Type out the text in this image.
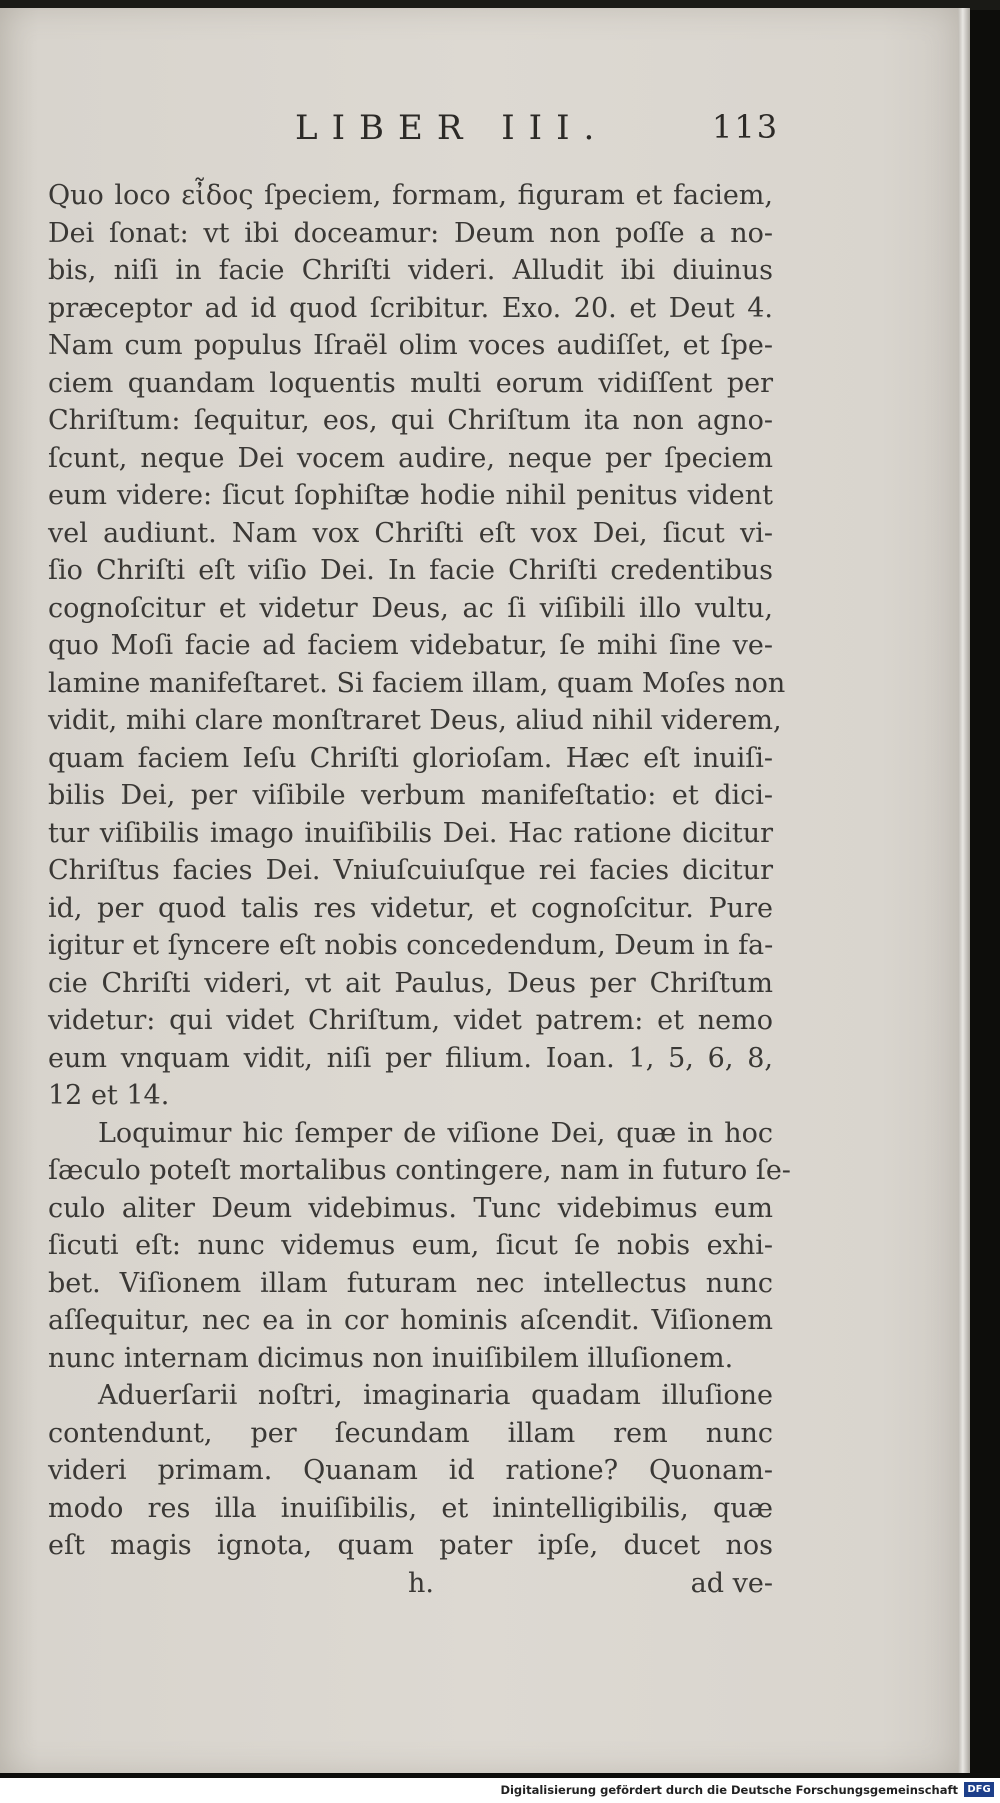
LIBER III.	113
Quo loco εἶδος ſpeciem, formam, figuram et faciem,
Dei ſonat: vt ibi doceamur: Deum non poſſe a no-
bis, niſi in facie Chriſti videri. Alludit ibi diuinus
præceptor ad id quod ſcribitur. Exo. 20. et Deut 4.
Nam cum populus Iſraël olim voces audiſſet, et ſpe-
ciem quandam loquentis multi eorum vidiſſent per
Chriſtum: ſequitur, eos, qui Chriſtum ita non agno-
ſcunt, neque Dei vocem audire, neque per ſpeciem
eum videre: ſicut ſophiſtæ hodie nihil penitus vident
vel audiunt. Nam vox Chriſti eſt vox Dei, ſicut vi-
ſio Chriſti eſt viſio Dei. In facie Chriſti credentibus
cognoſcitur et videtur Deus, ac ſi viſibili illo vultu,
quo Moſi facie ad faciem videbatur, ſe mihi ſine ve-
lamine manifeſtaret. Si faciem illam, quam Moſes non
vidit, mihi clare monſtraret Deus, aliud nihil viderem,
quam faciem Ieſu Chriſti glorioſam. Hæc eſt inuiſi-
bilis Dei, per viſibile verbum manifeſtatio: et dici-
tur viſibilis imago inuiſibilis Dei. Hac ratione dicitur
Chriſtus facies Dei. Vniuſcuiuſque rei facies dicitur
id, per quod talis res videtur, et cognoſcitur. Pure
igitur et ſyncere eſt nobis concedendum, Deum in fa-
cie Chriſti videri, vt ait Paulus, Deus per Chriſtum
videtur: qui videt Chriſtum, videt patrem: et nemo
eum vnquam vidit, niſi per filium. Ioan. 1, 5, 6, 8,
12 et 14.
Loquimur hic ſemper de viſione Dei, quæ in hoc
ſæculo poteſt mortalibus contingere, nam in futuro ſe-
culo aliter Deum videbimus. Tunc videbimus eum
ſicuti eſt: nunc videmus eum, ſicut ſe nobis exhi-
bet. Viſionem illam futuram nec intellectus nunc
aſſequitur, nec ea in cor hominis aſcendit. Viſionem
nunc internam dicimus non inuiſibilem illuſionem.
Aduerſarii noſtri, imaginaria quadam illuſione
contendunt, per ſecundam illam rem nunc
videri primam. Quanam id ratione? Quonam-
modo res illa inuiſibilis, et inintelligibilis, quæ
eſt magis ignota, quam pater ipſe, ducet nos
h.	ad ve-
Digitalisierung gefördert durch die Deutsche Forschungsgemeinschaft DFG
